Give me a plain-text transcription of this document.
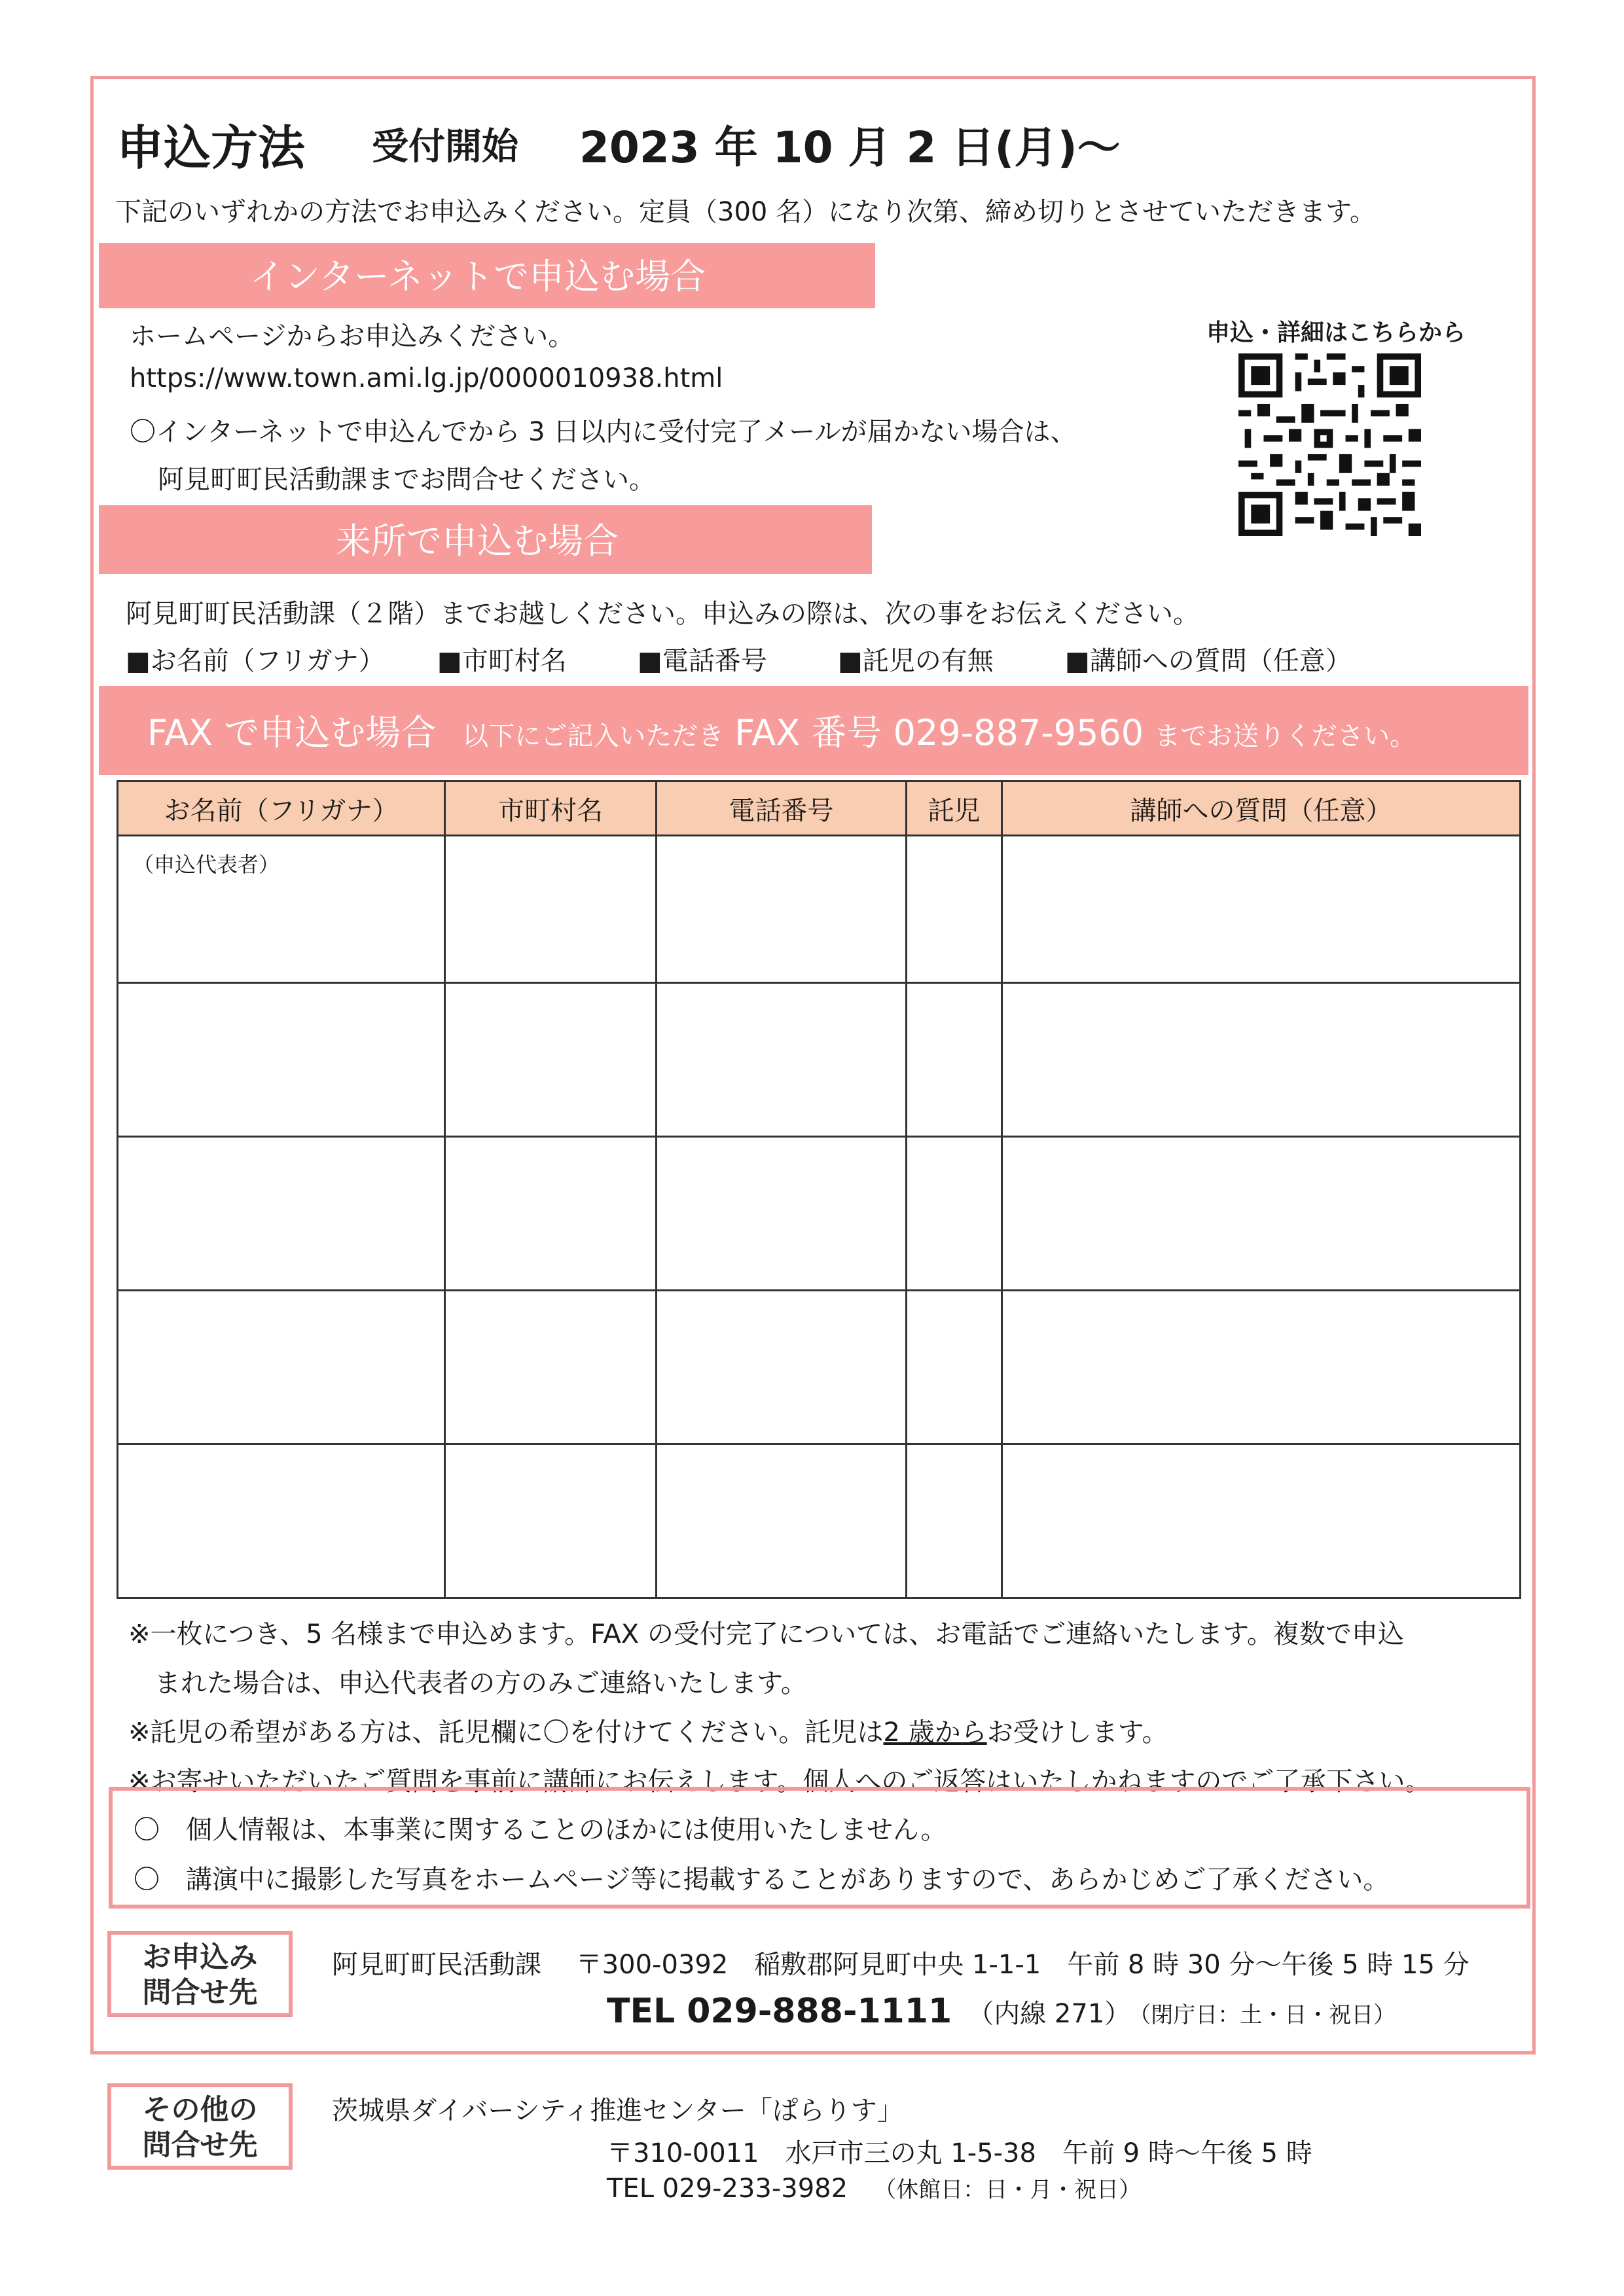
申込方法 受付開始 2023 年 10 月 2 日(月)～
下記のいずれかの方法でお申込みください。定員（300 名）になり次第、締め切りとさせていただきます。
インターネットで申込む場合
ホームページからお申込みください。
https://www.town.ami.lg.jp/0000010938.html
〇インターネットで申込んでから 3 日以内に受付完了メールが届かない場合は、
阿見町町民活動課までお問合せください。
申込・詳細はこちらから
来所で申込む場合
阿見町町民活動課（２階）までお越しください。申込みの際は、次の事をお伝えください。
■お名前（フリガナ） ■市町村名	■電話番号	■託児の有無	■講師への質問（任意）
FAX で申込む場合 以下にご記入いただき FAX 番号 029-887-9560 までお送りください。
お名前（フリガナ）	市町村名	電話番号	託児	講師への質問（任意）

（申込代表者）				

※一枚につき、5 名様まで申込めます。FAX の受付完了については、お電話でご連絡いたします。複数で申込
まれた場合は、申込代表者の方のみご連絡いたします。
※託児の希望がある方は、託児欄に〇を付けてください。託児は2 歳からお受けします。
※お寄せいただいたご質問を事前に講師にお伝えします。個人へのご返答はいたしかねますのでご了承下さい。
〇　個人情報は、本事業に関することのほかには使用いたしません。
〇　講演中に撮影した写真をホームページ等に掲載することがありますので、あらかじめご了承ください。
お申込み
問合せ先
阿見町町民活動課　 〒300-0392　稲敷郡阿見町中央 1-1-1　午前 8 時 30 分～午後 5 時 15 分
TEL 029-888-1111 （内線 271） （閉庁日：土・日・祝日）
その他の
問合せ先
茨城県ダイバーシティ推進センター「ぱらりす」
〒310-0011　水戸市三の丸 1-5-38　午前 9 時～午後 5 時
TEL 029-233-3982 （休館日：日・月・祝日）
